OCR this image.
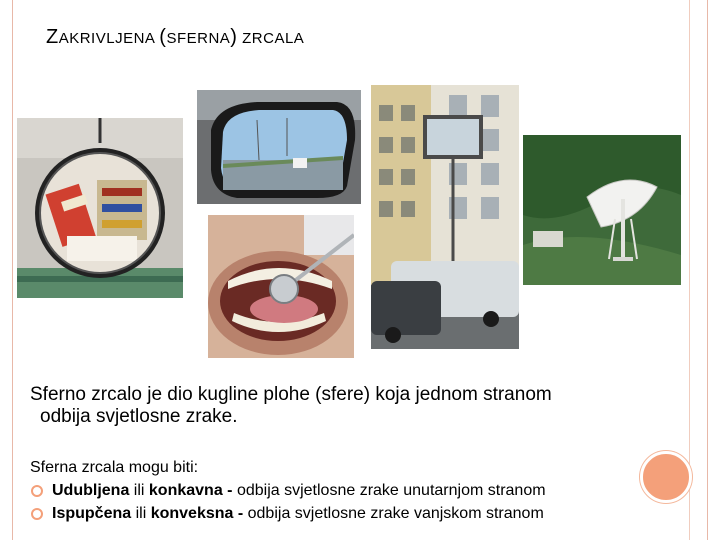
ZAKRIVLJENA (SFERNA) ZRCALA
Sferno zrcalo je dio kugline plohe (sfere) koja jednom stranom
odbija svjetlosne zrake.
Sferna zrcala mogu biti:
Udubljena ili konkavna - odbija svjetlosne zrake unutarnjom stranom
Ispupčena ili konveksna - odbija svjetlosne zrake vanjskom stranom
